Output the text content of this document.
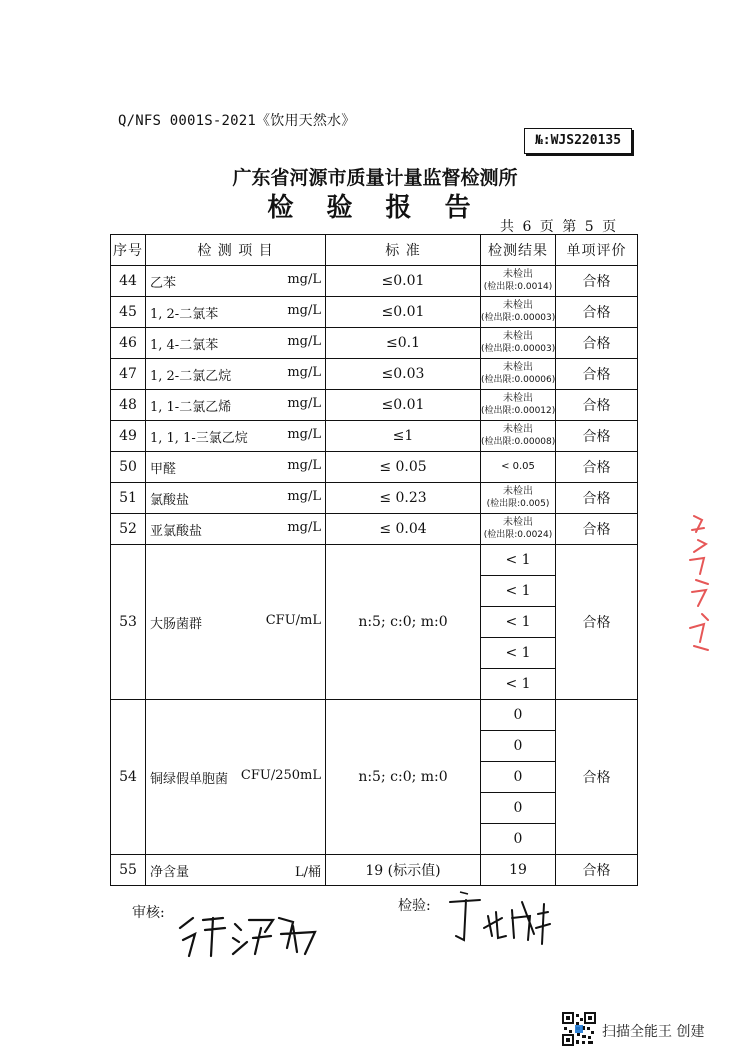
Q/NFS 0001S-2021《饮用天然水》
№:WJS220135
广东省河源市质量计量监督检测所
检 验 报 告
共 6 页 第 5 页
序号	检 测 项 目	标 准	检测结果	单项评价
44	乙苯 mg/L	≤0.01	未检出
(检出限:0.0014)	合格
45	1, 2-二氯苯 mg/L	≤0.01	未检出
(检出限:0.00003)	合格
46	1, 4-二氯苯 mg/L	≤0.1	未检出
(检出限:0.00003)	合格
47	1, 2-二氯乙烷 mg/L	≤0.03	未检出
(检出限:0.00006)	合格
48	1, 1-二氯乙烯 mg/L	≤0.01	未检出
(检出限:0.00012)	合格
49	1, 1, 1-三氯乙烷 mg/L	≤1	未检出
(检出限:0.00008)	合格
50	甲醛 mg/L	≤ 0.05	< 0.05	合格
51	氯酸盐 mg/L	≤ 0.23	未检出
(检出限:0.005)	合格
52	亚氯酸盐 mg/L	≤ 0.04	未检出
(检出限:0.0024)	合格
53	大肠菌群 CFU/mL	n:5; c:0; m:0	< 1	合格
			< 1	
			< 1	
			< 1	
			< 1	
54	铜绿假单胞菌 CFU/250mL	n:5; c:0; m:0	0	合格
			0	
			0	
			0	
			0	
55	净含量 L/桶	19 (标示值)	19	合格
审核:	检验:
扫描全能王 创建
